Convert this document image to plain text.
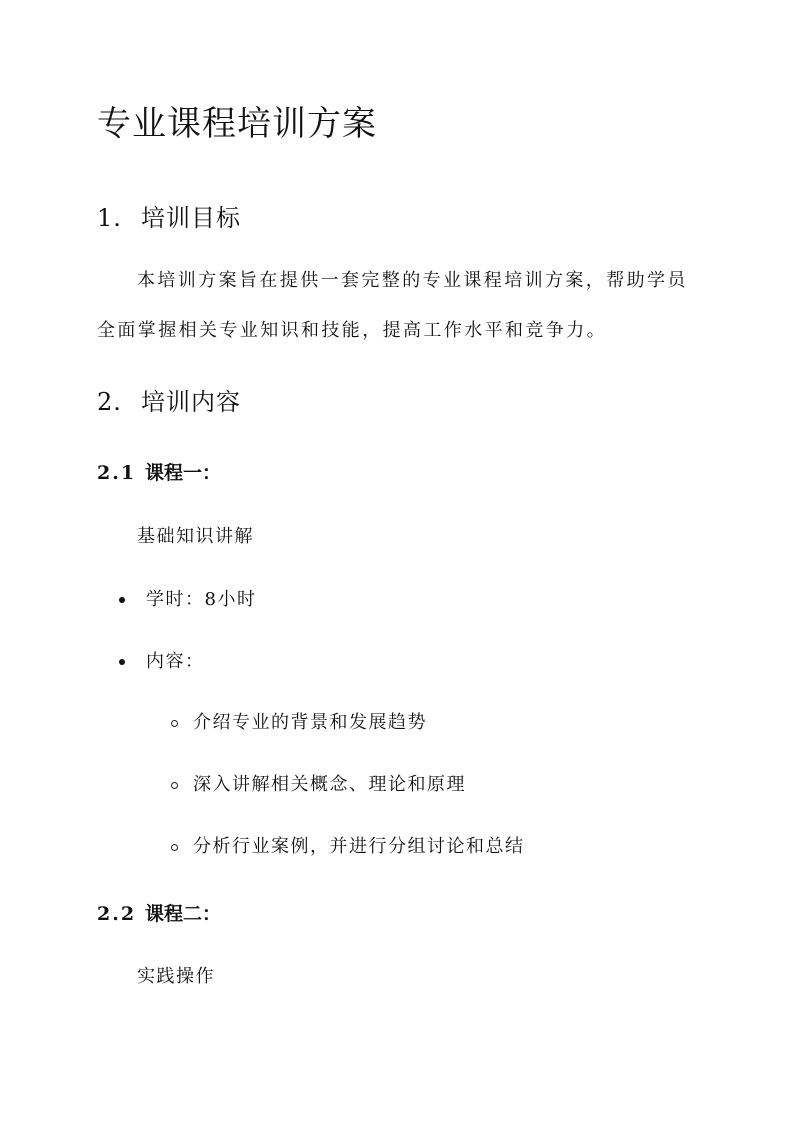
专业课程培训方案
1. 培训目标
本培训方案旨在提供一套完整的专业课程培训方案，帮助学员全面掌握相关专业知识和技能，提高工作水平和竞争力。
2. 培训内容
2.1 课程一：
基础知识讲解
学时：8小时
内容：
介绍专业的背景和发展趋势
深入讲解相关概念、理论和原理
分析行业案例，并进行分组讨论和总结
2.2 课程二：
实践操作
